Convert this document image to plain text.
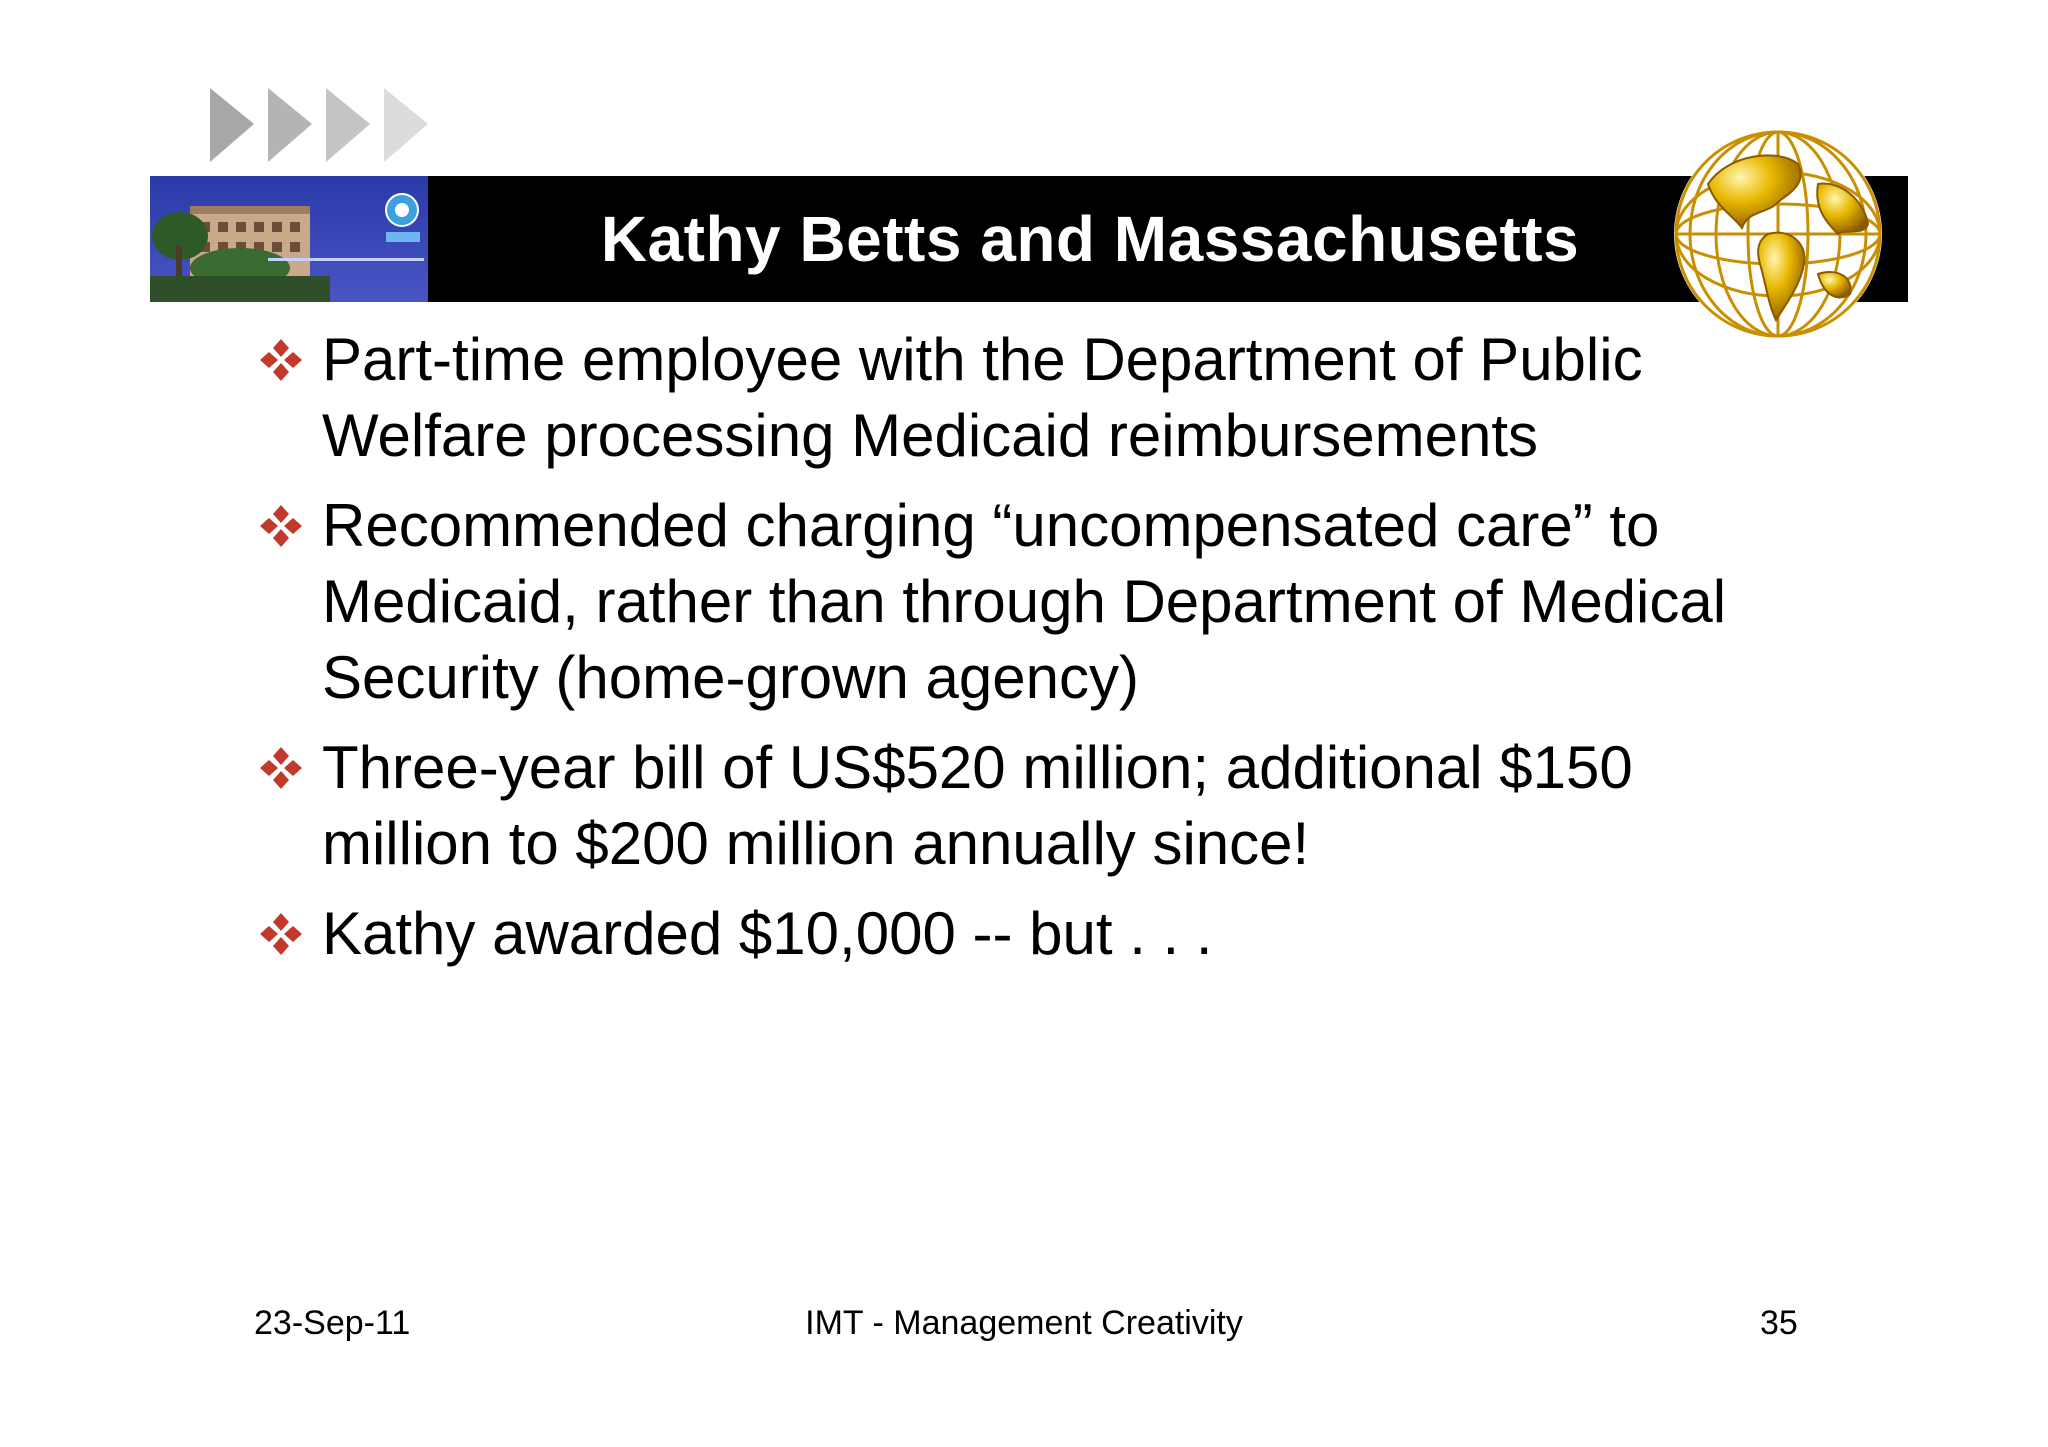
Kathy Betts and Massachusetts
Part-time employee with the Department of Public Welfare processing Medicaid reimbursements
Recommended charging “uncompensated care” to Medicaid, rather than through Department of Medical Security (home-grown agency)
Three-year bill of US$520 million; additional $150 million to $200 million annually since!
Kathy awarded $10,000 -- but . . .
23-Sep-11	IMT - Management Creativity	35
